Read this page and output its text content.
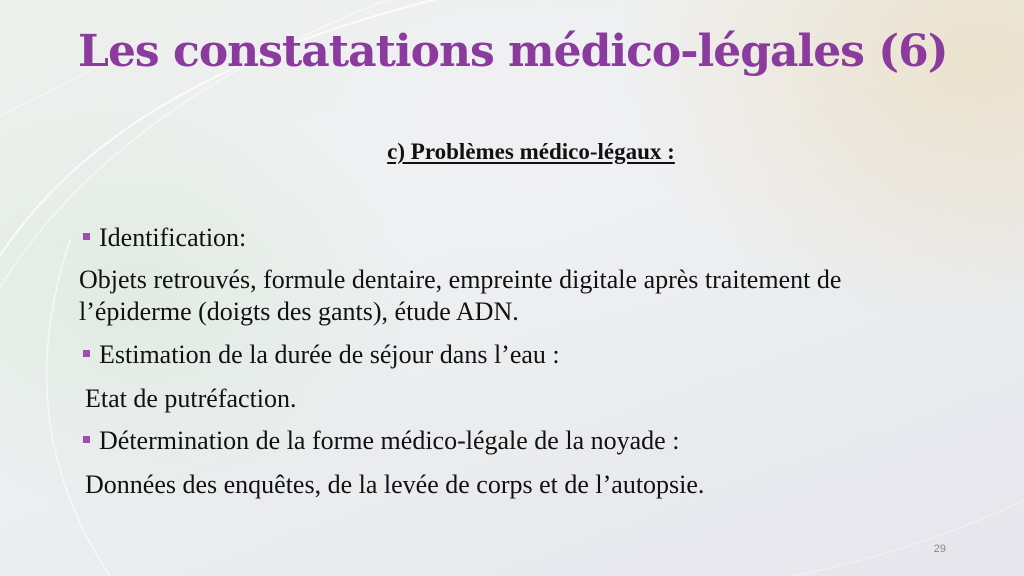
Les constatations médico-légales (6)
c) Problèmes médico-légaux :
Identification:
Objets retrouvés, formule dentaire, empreinte digitale après traitement de
l’épiderme (doigts des gants), étude ADN.
Estimation de la durée de séjour dans l’eau :
Etat de putréfaction.
Détermination de la forme médico-légale de la noyade :
Données des enquêtes, de la levée de corps et de l’autopsie.
29
